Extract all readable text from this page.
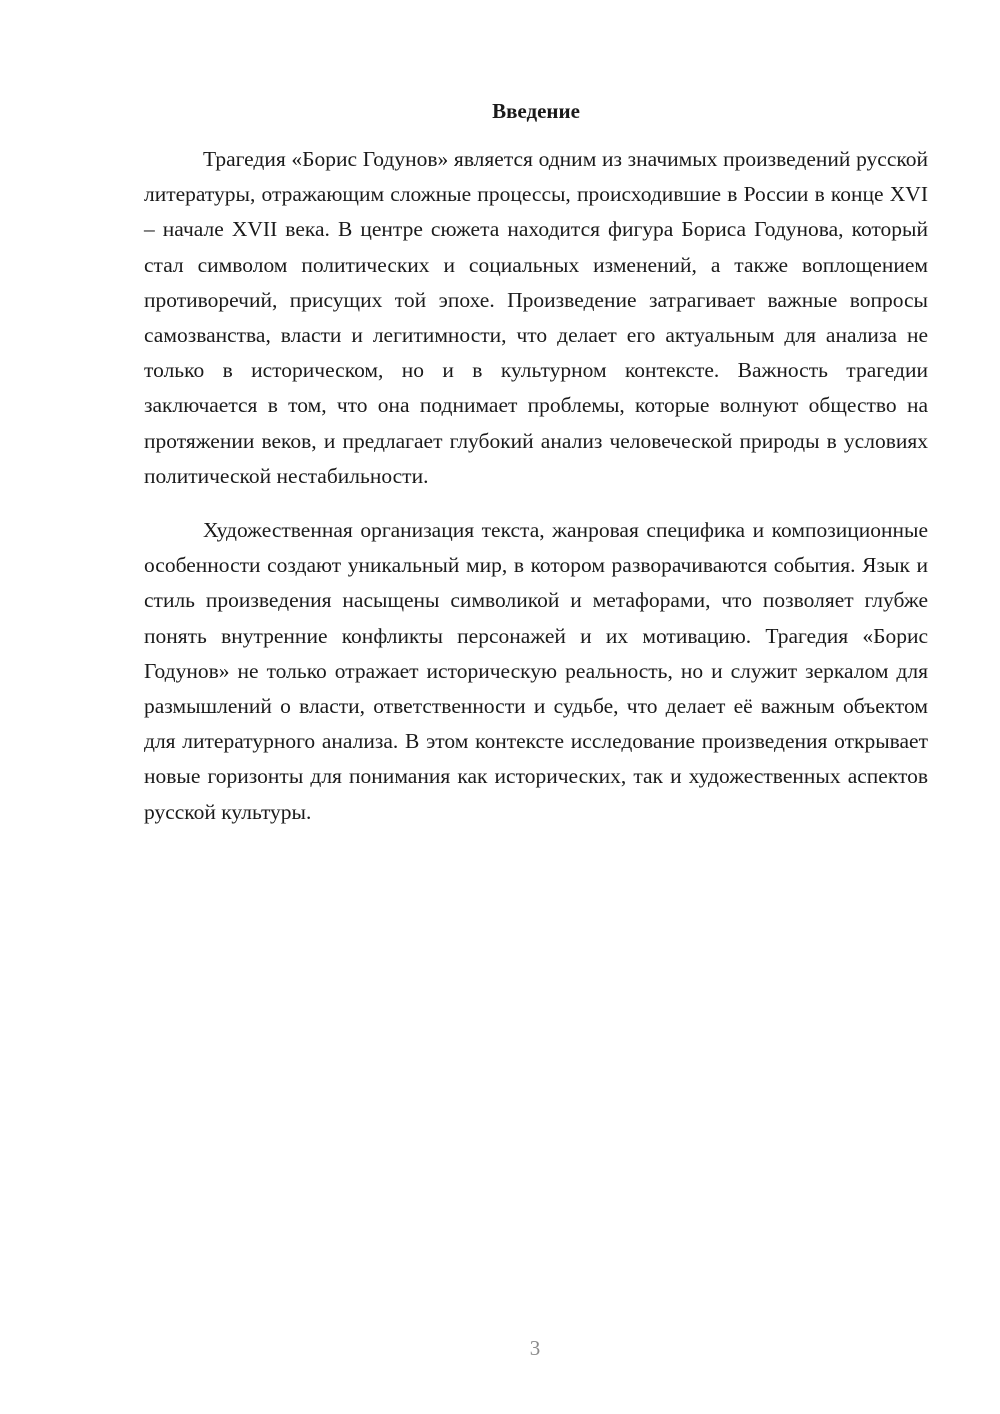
Введение

Трагедия «Борис Годунов» является одним из значимых произведений русской литературы, отражающим сложные процессы, происходившие в России в конце XVI – начале XVII века. В центре сюжета находится фигура Бориса Годунова, который стал символом политических и социальных изменений, а также воплощением противоречий, присущих той эпохе. Произведение затрагивает важные вопросы самозванства, власти и легитимности, что делает его актуальным для анализа не только в историческом, но и в культурном контексте. Важность трагедии заключается в том, что она поднимает проблемы, которые волнуют общество на протяжении веков, и предлагает глубокий анализ человеческой природы в условиях политической нестабильности.

Художественная организация текста, жанровая специфика и композиционные особенности создают уникальный мир, в котором разворачиваются события. Язык и стиль произведения насыщены символикой и метафорами, что позволяет глубже понять внутренние конфликты персонажей и их мотивацию. Трагедия «Борис Годунов» не только отражает историческую реальность, но и служит зеркалом для размышлений о власти, ответственности и судьбе, что делает её важным объектом для литературного анализа. В этом контексте исследование произведения открывает новые горизонты для понимания как исторических, так и художественных аспектов русской культуры.

3
